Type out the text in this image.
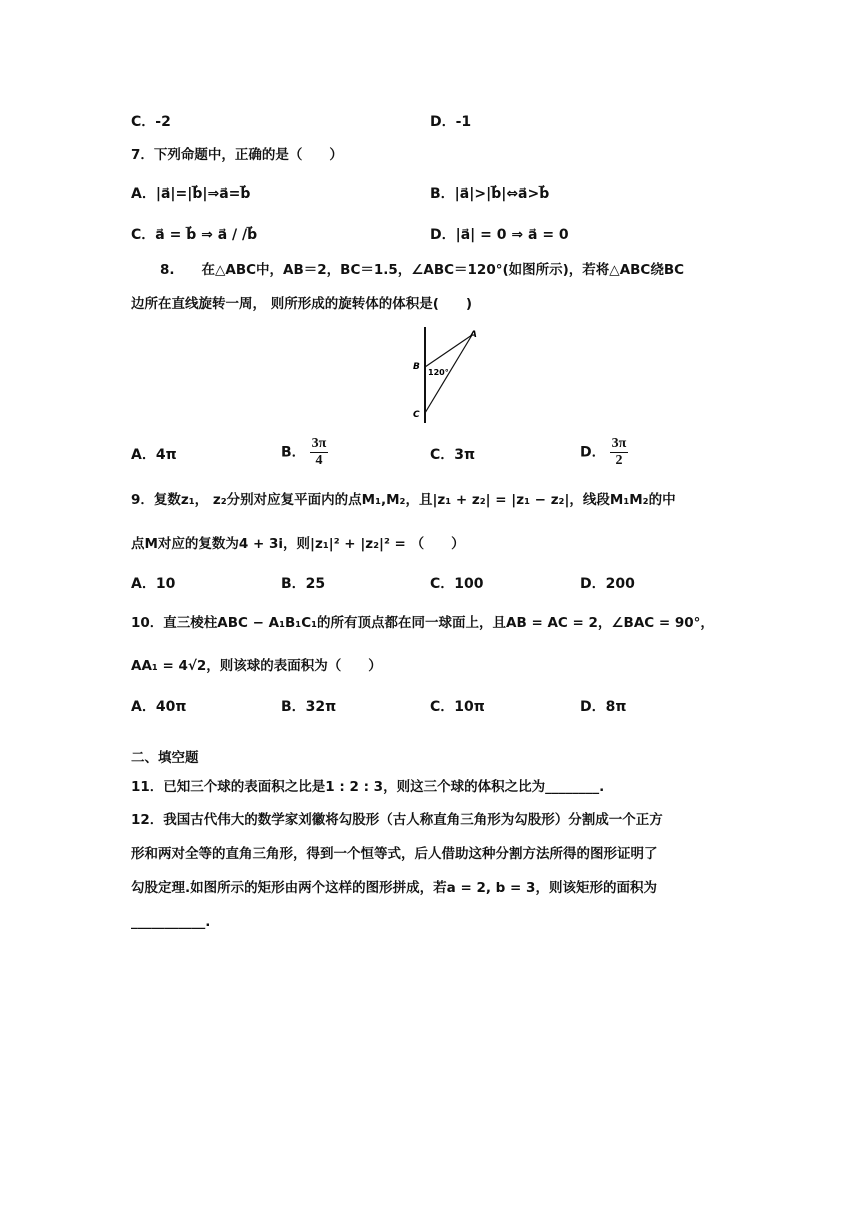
C．-2	D．-1
7．下列命题中，正确的是（　　）
A．|a⃗|=|b⃗|⇒a⃗=b⃗	B．|a⃗|>|b⃗|⇔a⃗>b⃗
C．a⃗ = b⃗ ⇒ a⃗ / /b⃗	D．|a⃗| = 0 ⇒ a⃗ = 0
8.　　在△ABC中，AB＝2，BC＝1.5，∠ABC＝120°(如图所示)，若将△ABC绕BC
边所在直线旋转一周， 则所形成的旋转体的体积是(　　)
A
B
C
120°
A．4π	B． $\frac{3\pi}{4}$	C．3π	D． $\frac{3\pi}{2}$
9．复数z₁， z₂分别对应复平面内的点M₁,M₂，且|z₁ + z₂| = |z₁ − z₂|，线段M₁M₂的中
点M对应的复数为4 + 3i，则|z₁|² + |z₂|² = （　　）
A．10	B．25	C．100	D．200
10．直三棱柱ABC − A₁B₁C₁的所有顶点都在同一球面上，且AB = AC = 2，∠BAC = 90°，
AA₁ = 4√2，则该球的表面积为（　　）
A．40π	B．32π	C．10π	D．8π
二、填空题
11．已知三个球的表面积之比是1 : 2 : 3，则这三个球的体积之比为________.
12．我国古代伟大的数学家刘徽将勾股形（古人称直角三角形为勾股形）分割成一个正方
形和两对全等的直角三角形，得到一个恒等式，后人借助这种分割方法所得的图形证明了
勾股定理.如图所示的矩形由两个这样的图形拼成，若a = 2, b = 3，则该矩形的面积为
___________.
